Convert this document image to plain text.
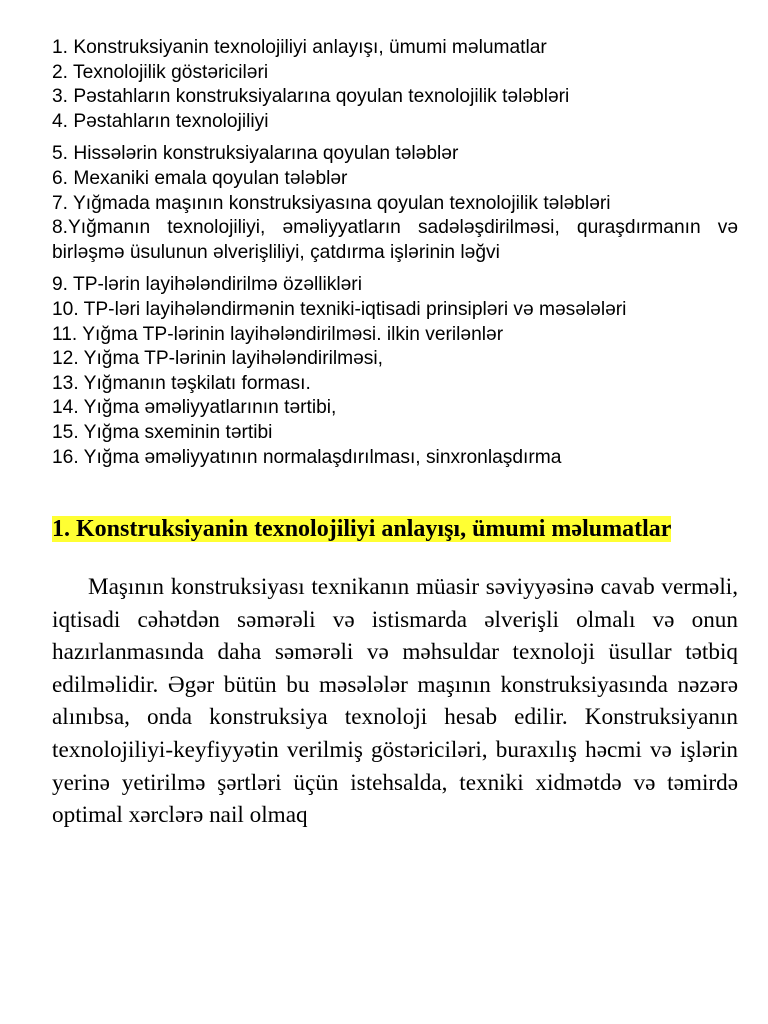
1. Konstruksiyanin texnolojiliyi anlayışı, ümumi məlumatlar
2. Texnolojilik göstəriciləri
3. Pəstahların konstruksiyalarına qoyulan texnolojilik tələbləri
4. Pəstahların texnolojiliyi
5. Hissələrin konstruksiyalarına qoyulan tələblər
6. Mexaniki emala qoyulan tələblər
7. Yığmada maşının konstruksiyasına qoyulan texnolojilik tələbləri
8.Yığmanın texnolojiliyi, əməliyyatların sadələşdirilməsi, quraşdırmanın və birləşmə üsulunun əlverişliliyi, çatdırma işlərinin ləğvi
9. TP-lərin layihələndirilmə özəllikləri
10. TP-ləri layihələndirmənin texniki-iqtisadi prinsipləri və məsələləri
11. Yığma TP-lərinin layihələndirilməsi. ilkin verilənlər
12. Yığma TP-lərinin layihələndirilməsi,
13. Yığmanın təşkilatı forması.
14. Yığma əməliyyatlarının tərtibi,
15. Yığma sxeminin tərtibi
16. Yığma əməliyyatının normalaşdırılması, sinxronlaşdırma
1. Konstruksiyanin texnolojiliyi anlayışı, ümumi məlumatlar

Maşının konstruksiyası texnikanın müasir səviyyəsinə cavab verməli, iqtisadi cəhətdən səmərəli və istismarda əlverişli olmalı və onun hazırlanmasında daha səmərəli və məhsuldar texnoloji üsullar tətbiq edilməlidir. Əgər bütün bu məsələlər maşının konstruksiyasında nəzərə alınıbsa, onda konstruksiya texnoloji hesab edilir. Konstruksiyanın texnolojiliyi-keyfiyyətin verilmiş göstəriciləri, buraxılış həcmi və işlərin yerinə yetirilmə şərtləri üçün istehsalda, texniki xidmətdə və təmirdə optimal xərclərə nail olmaq
